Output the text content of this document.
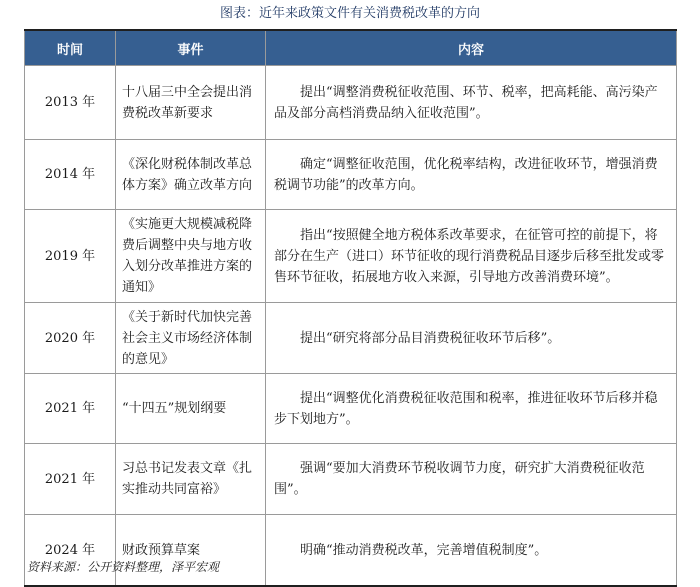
图表：近年来政策文件有关消费税改革的方向
时间	事件	内容
2013 年	十八届三中全会提出消费税改革新要求	提出“调整消费税征收范围、环节、税率，把高耗能、高污染产品及部分高档消费品纳入征收范围”。
2014 年	《深化财税体制改革总体方案》确立改革方向	确定“调整征收范围，优化税率结构，改进征收环节，增强消费税调节功能”的改革方向。
2019 年	《实施更大规模减税降费后调整中央与地方收入划分改革推进方案的通知》	指出“按照健全地方税体系改革要求，在征管可控的前提下，将部分在生产（进口）环节征收的现行消费税品目逐步后移至批发或零售环节征收，拓展地方收入来源，引导地方改善消费环境”。
2020 年	《关于新时代加快完善社会主义市场经济体制的意见》	提出“研究将部分品目消费税征收环节后移”。
2021 年	“十四五”规划纲要	提出“调整优化消费税征收范围和税率，推进征收环节后移并稳步下划地方”。
2021 年	习总书记发表文章《扎实推动共同富裕》	强调“要加大消费环节税收调节力度，研究扩大消费税征收范围”。
2024 年	财政预算草案	明确“推动消费税改革，完善增值税制度”。
资料来源：公开资料整理，泽平宏观
